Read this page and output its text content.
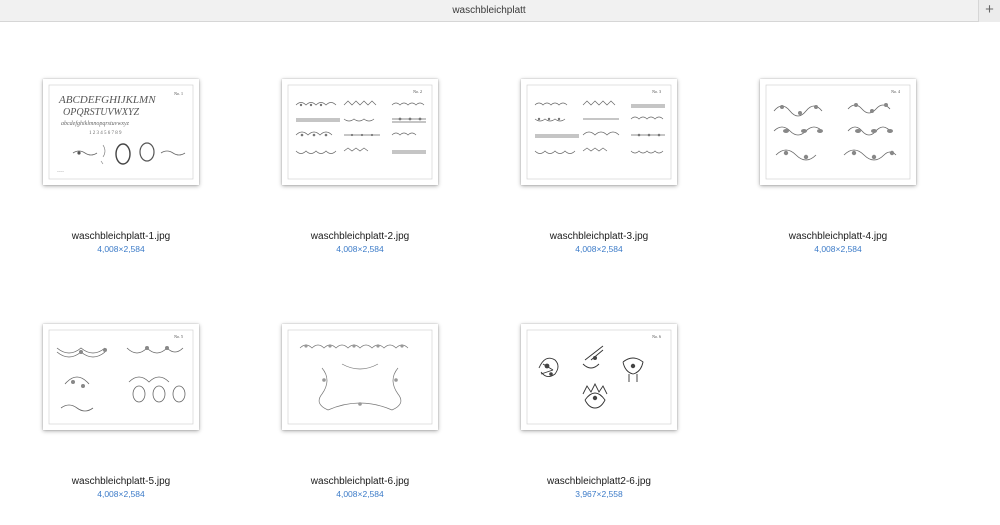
waschbleichplatt	+
No. 1
ABCDEFGHIJKLMN
OPQRSTUVWXYZ
abcdefghiklmnopqrstuvwxyz
1 2 3 4 5 6 7 8 9
~~~~
waschbleichplatt-1.jpg
4,008×2,584
No. 2
waschbleichplatt-2.jpg
4,008×2,584
No. 3
waschbleichplatt-3.jpg
4,008×2,584
No. 4
waschbleichplatt-4.jpg
4,008×2,584
No. 5
waschbleichplatt-5.jpg
4,008×2,584
waschbleichplatt-6.jpg
4,008×2,584
No. 6
waschbleichplatt2-6.jpg
3,967×2,558
